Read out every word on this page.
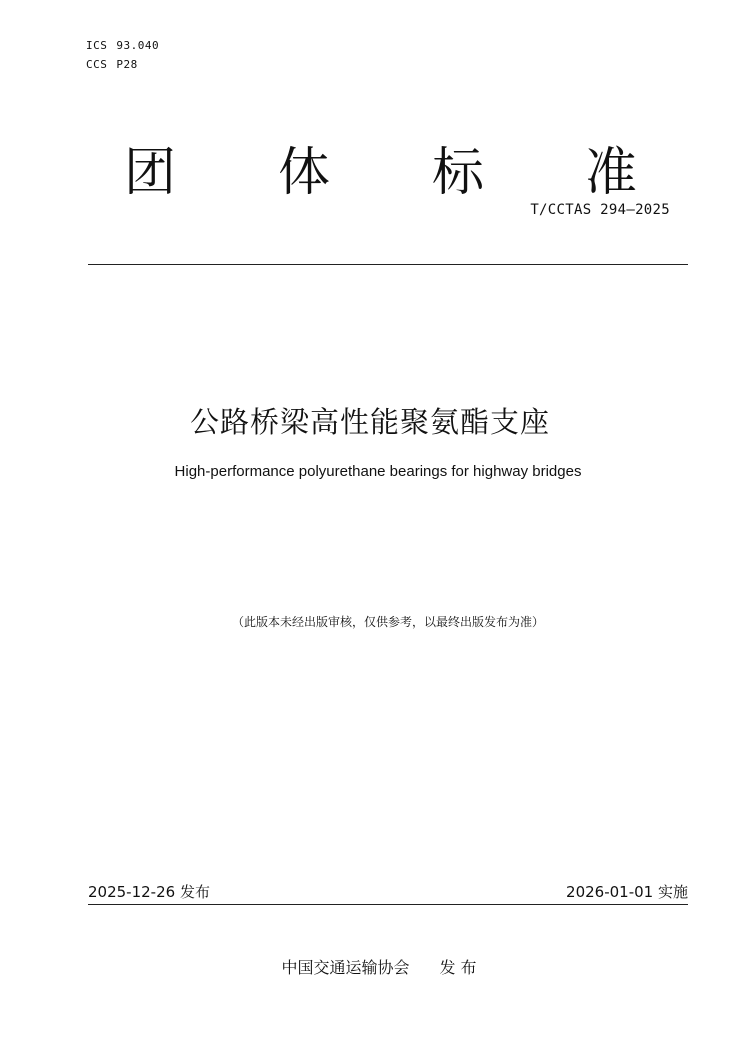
ICS 93.040
CCS P28
团 体 标 准
T/CCTAS 294—2025
公路桥梁高性能聚氨酯支座
High-performance polyurethane bearings for highway bridges
（此版本未经出版审核，仅供参考，以最终出版发布为准）
2025-12-26 发布	2026-01-01 实施
中国交通运输协会 发 布
